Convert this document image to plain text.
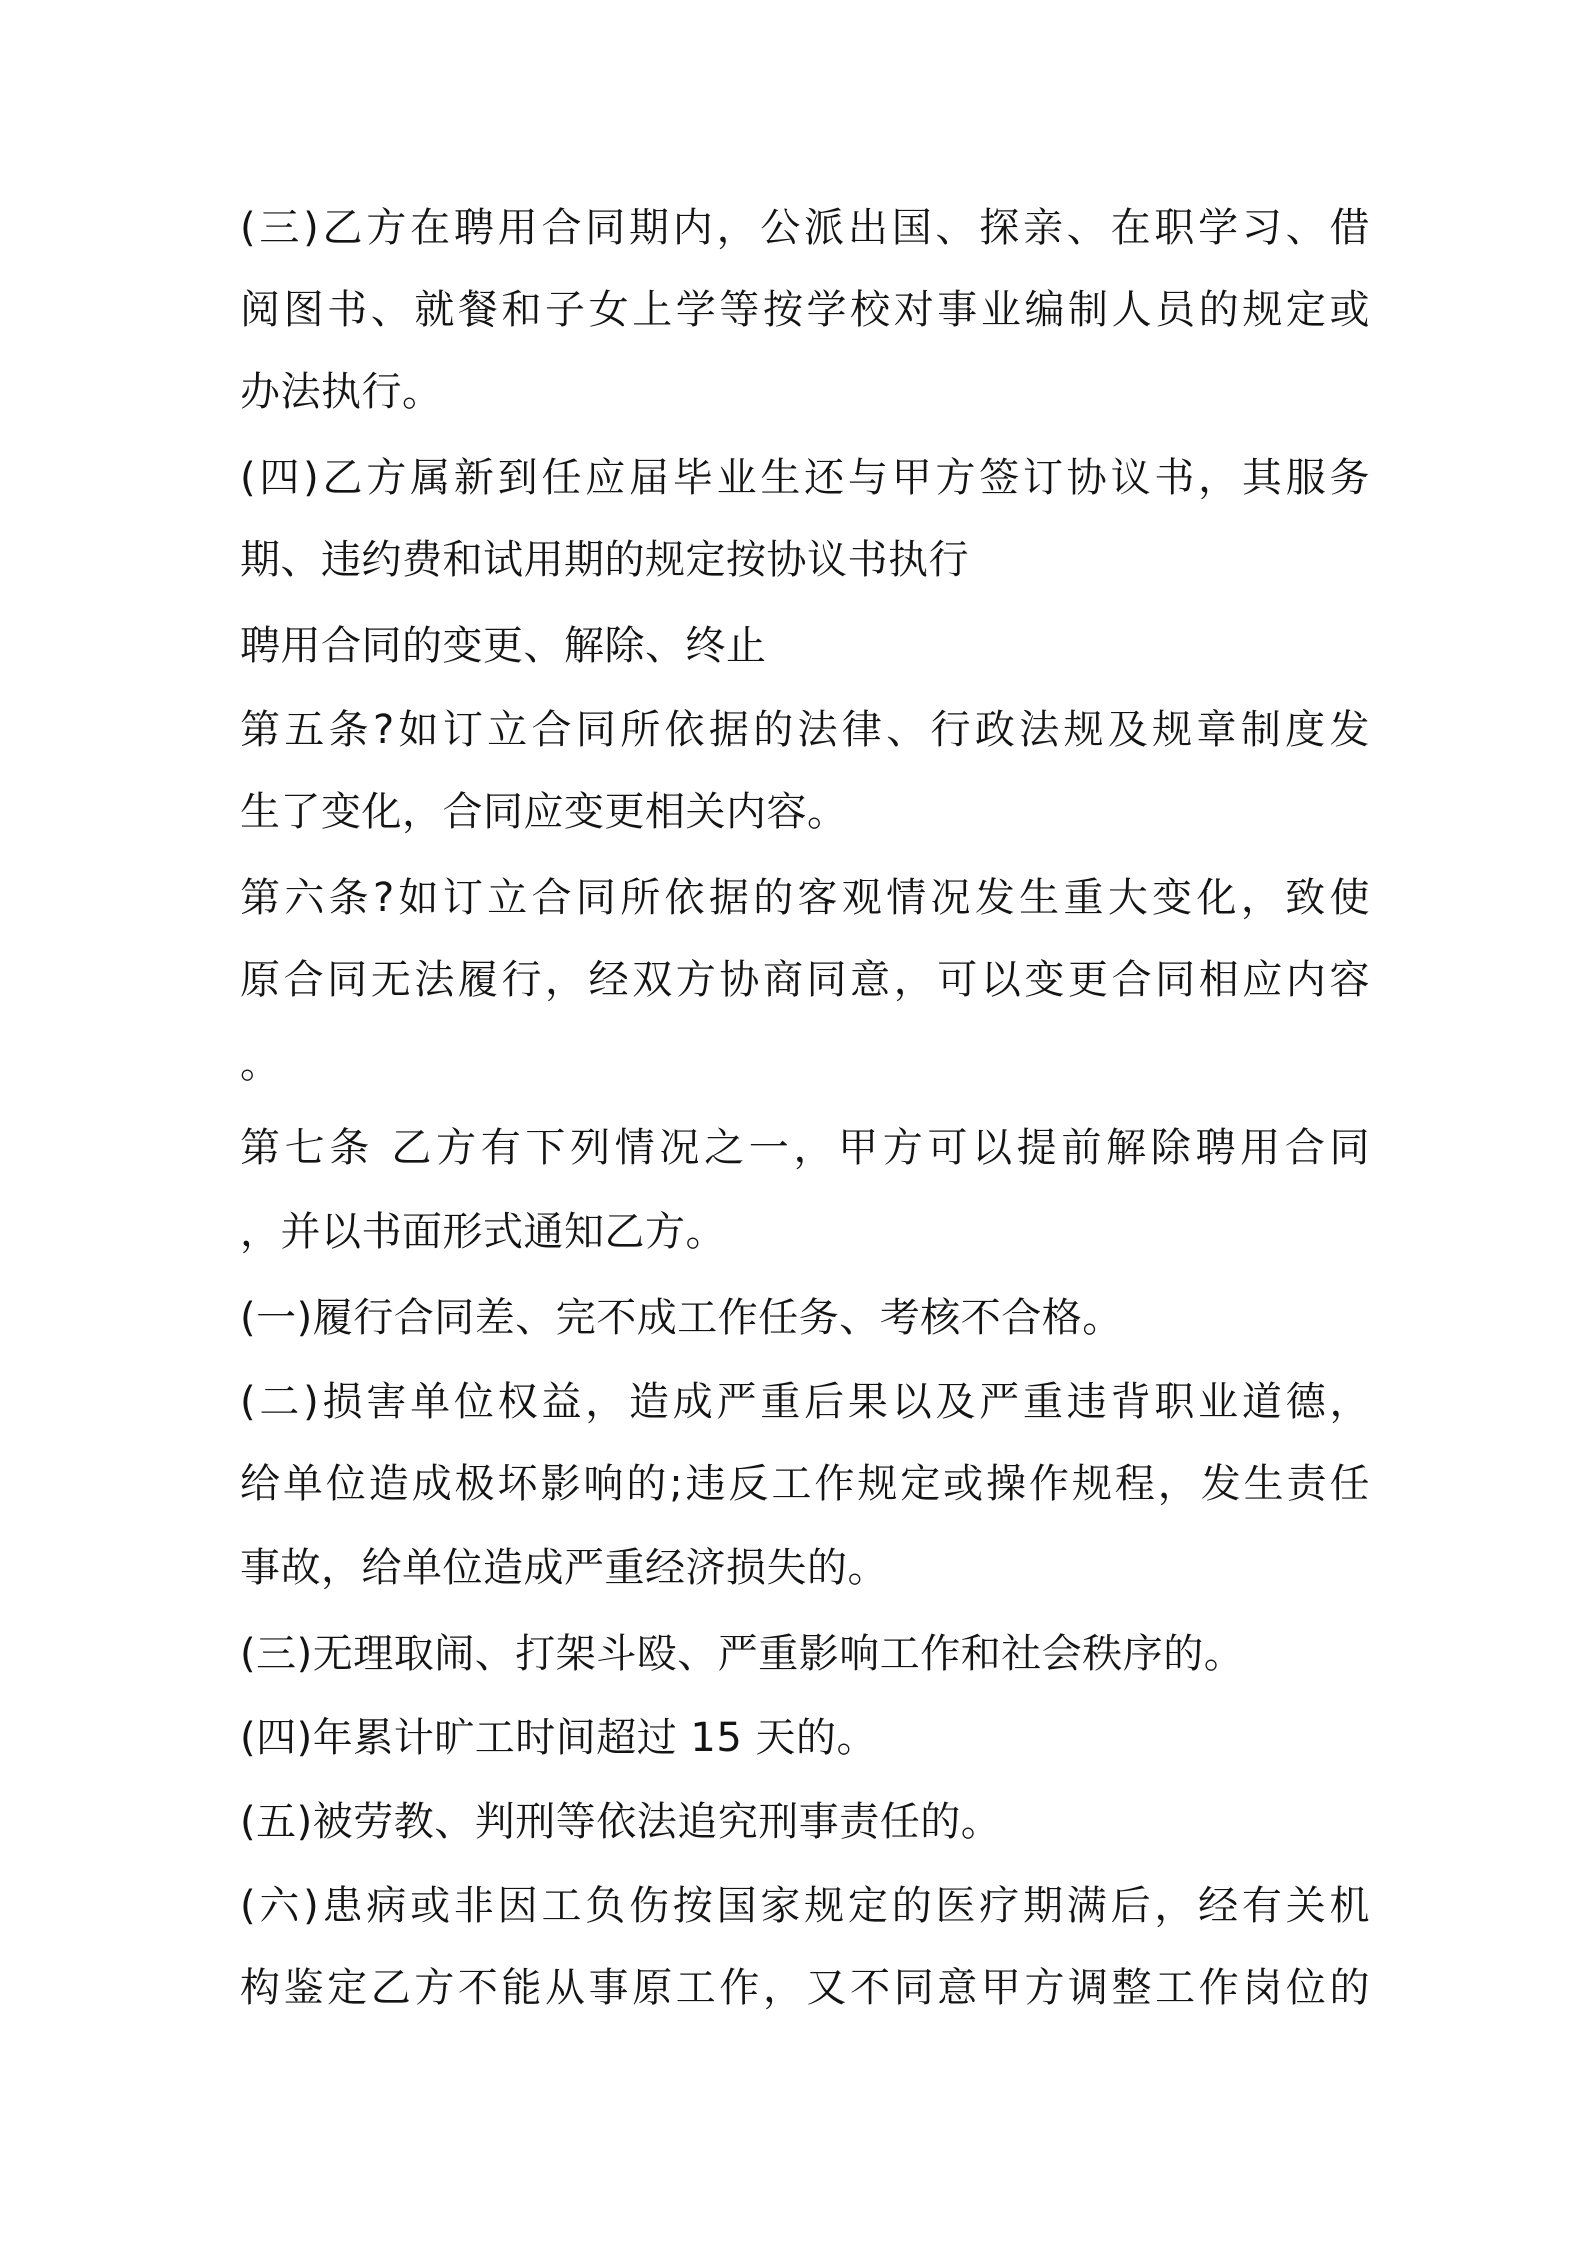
(三)乙方在聘用合同期内，公派出国、探亲、在职学习、借
阅图书、就餐和子女上学等按学校对事业编制人员的规定或
办法执行。
(四)乙方属新到任应届毕业生还与甲方签订协议书，其服务
期、违约费和试用期的规定按协议书执行
聘用合同的变更、解除、终止
第五条?如订立合同所依据的法律、行政法规及规章制度发
生了变化，合同应变更相关内容。
第六条?如订立合同所依据的客观情况发生重大变化，致使
原合同无法履行，经双方协商同意，可以变更合同相应内容
。
第七条 乙方有下列情况之一，甲方可以提前解除聘用合同
，并以书面形式通知乙方。
(一)履行合同差、完不成工作任务、考核不合格。
(二)损害单位权益，造成严重后果以及严重违背职业道德，
给单位造成极坏影响的;违反工作规定或操作规程，发生责任
事故，给单位造成严重经济损失的。
(三)无理取闹、打架斗殴、严重影响工作和社会秩序的。
(四)年累计旷工时间超过 15 天的。
(五)被劳教、判刑等依法追究刑事责任的。
(六)患病或非因工负伤按国家规定的医疗期满后，经有关机
构鉴定乙方不能从事原工作，又不同意甲方调整工作岗位的
